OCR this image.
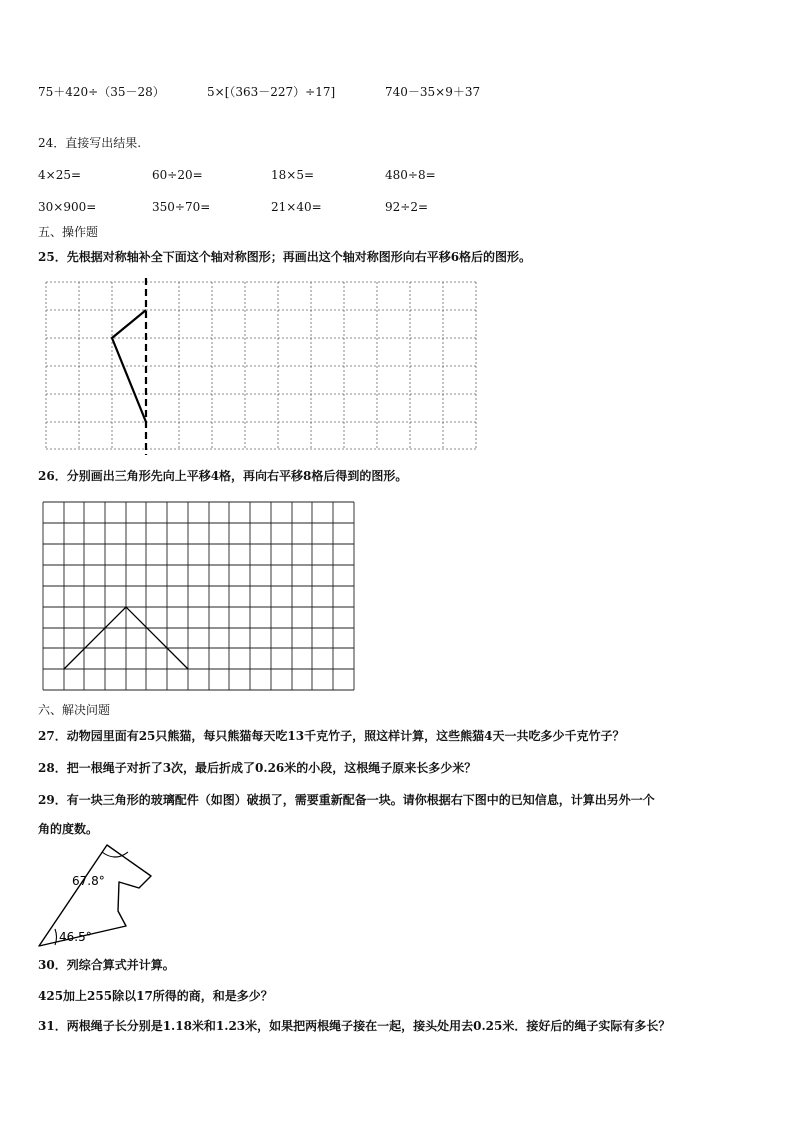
75＋420÷（35－28）	5×[（363－227）÷17]	740－35×9＋37
24．直接写出结果.
4×25=	60÷20=	18×5=	480÷8=
30×900=	350÷70=	21×40=	92÷2=
五、操作题
25．先根据对称轴补全下面这个轴对称图形；再画出这个轴对称图形向右平移6格后的图形。
26．分别画出三角形先向上平移4格，再向右平移8格后得到的图形。
六、解决问题
27．动物园里面有25只熊猫，每只熊猫每天吃13千克竹子，照这样计算，这些熊猫4天一共吃多少千克竹子？
28．把一根绳子对折了3次，最后折成了0.26米的小段，这根绳子原来长多少米？
29．有一块三角形的玻璃配件（如图）破损了，需要重新配备一块。请你根据右下图中的已知信息，计算出另外一个
角的度数。
67.8°
46.5°
30．列综合算式并计算。
425加上255除以17所得的商，和是多少？
31．两根绳子长分别是1.18米和1.23米，如果把两根绳子接在一起，接头处用去0.25米．接好后的绳子实际有多长？
